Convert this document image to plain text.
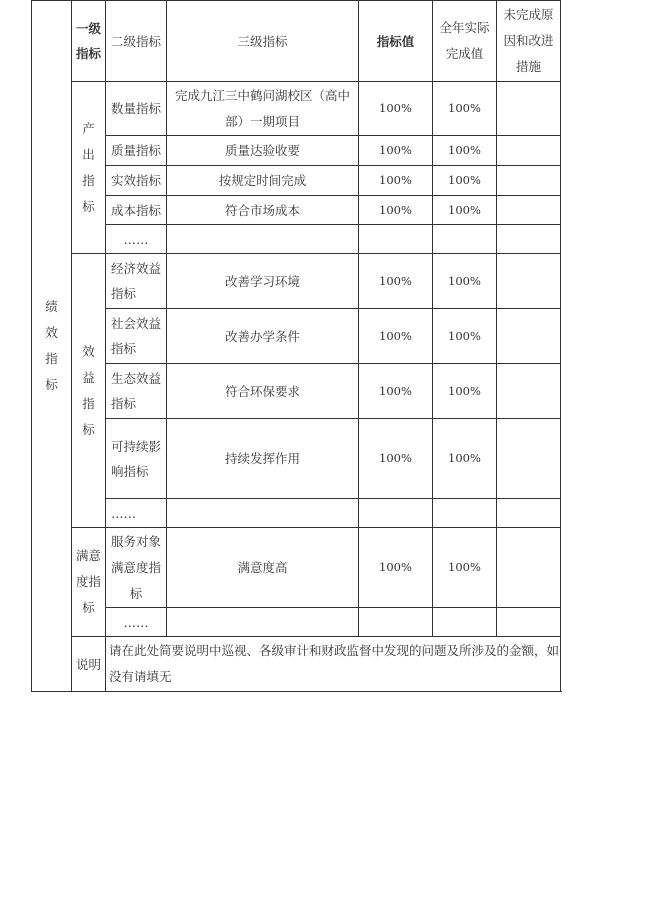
绩效指标	一级指标	二级指标	三级指标	指标值	全年实际完成值	未完成原因和改进措施

	产出指标	数量指标	完成九江三中鹤问湖校区（高中部）一期项目	100%	100%	
		质量指标	质量达验收要	100%	100%	
		实效指标	按规定时间完成	100%	100%	
		成本指标	符合市场成本	100%	100%	
		……				

	效益指标	经济效益指标	改善学习环境	100%	100%	
		社会效益指标	改善办学条件	100%	100%	
		生态效益指标	符合环保要求	100%	100%	
		可持续影响指标	持续发挥作用	100%	100%	
		……				
	满意度指标	服务对象满意度指标	满意度高	100%	100%	
		……				
	说明	请在此处简要说明中巡视、各级审计和财政监督中发现的问题及所涉及的金额，如没有请填无				
